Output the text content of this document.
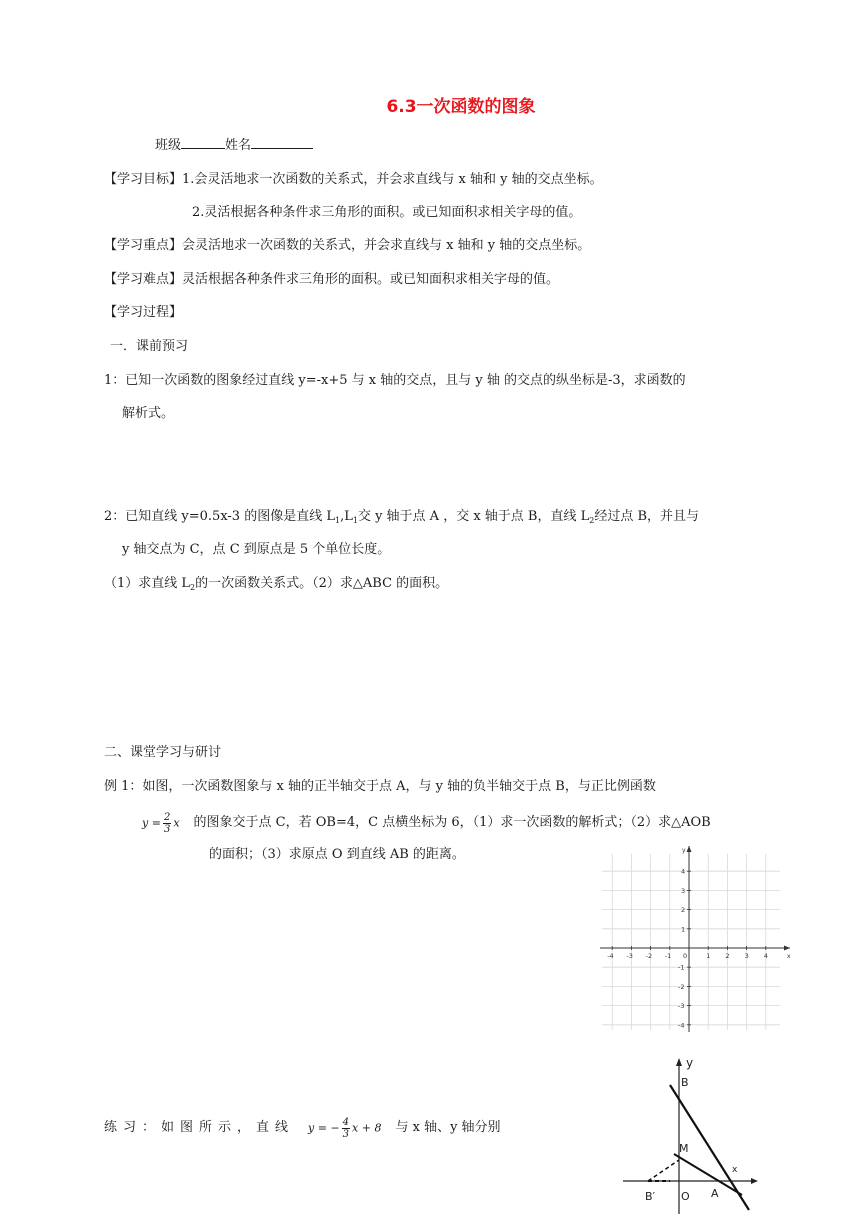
6.3一次函数的图象
班级	姓名
【学习目标】1.会灵活地求一次函数的关系式，并会求直线与 x 轴和 y 轴的交点坐标。
2.灵活根据各种条件求三角形的面积。或已知面积求相关字母的值。
【学习重点】会灵活地求一次函数的关系式，并会求直线与 x 轴和 y 轴的交点坐标。
【学习难点】灵活根据各种条件求三角形的面积。或已知面积求相关字母的值。
【学习过程】
一．课前预习
1：已知一次函数的图象经过直线 y=-x+5 与 x 轴的交点，且与 y 轴 的交点的纵坐标是-3，求函数的
解析式。
2：已知直线 y=0.5x-3 的图像是直线 $L_1,L_1$交 y 轴于点 A ，交 x 轴于点 B，直线 $L_2$经过点 B，并且与
y 轴交点为 C，点 C 到原点是 5 个单位长度。
（1）求直线 $L_2$的一次函数关系式。（2）求△ABC 的面积。
二、课堂学习与研讨
例 1：如图，一次函数图象与 x 轴的正半轴交于点 A，与 y 轴的负半轴交于点 B，与正比例函数
$y = \frac{2}{3}$ x 的图象交于点 C，若 OB=4，C 点横坐标为 6，（1）求一次函数的解析式；（2）求△AOB
的面积；（3）求原点 O 到直线 AB 的距离。
x
y
-4 -3 -2 -1 0	1 2 3 4
4
3
2
1
-1
-2
-3
-4
练习：如图所示，直线 y = − $\frac{4}{3}$ x + 8 与 x 轴、y 轴分别
y
x
B
M
B′ O A
